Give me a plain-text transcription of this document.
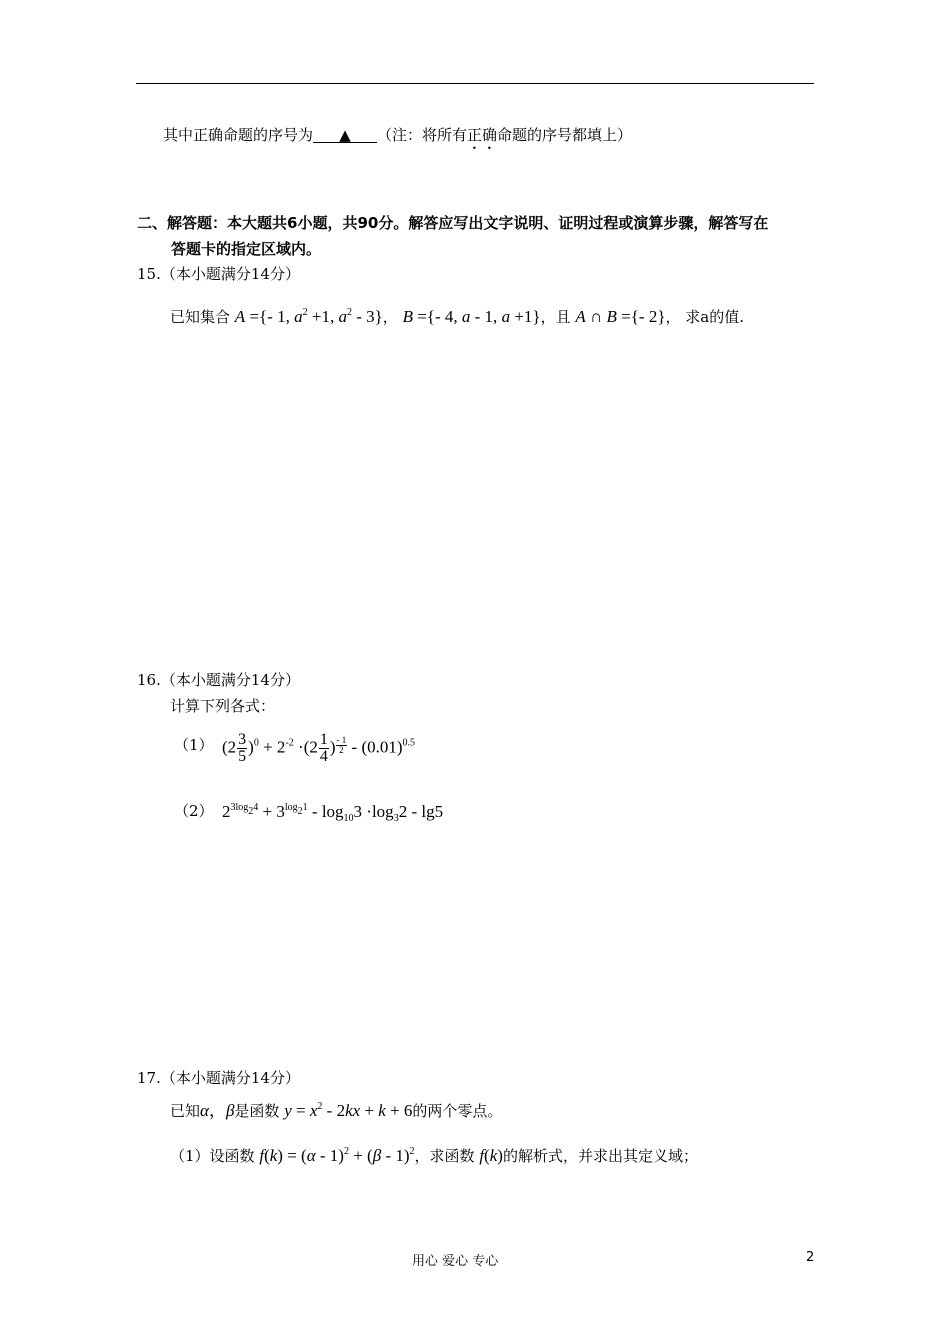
其中正确命题的序号为 ▲ （注：将所有正确命题的序号都填上）
二、解答题：本大题共6小题，共90分。解答应写出文字说明、证明过程或演算步骤，解答写在
答题卡的指定区域内。
15.（本小题满分14分）
已知集合 A ={- 1, $a^2 +1$, $a^2 - 3$}， B ={- 4, a - 1, a +1}，且 A ∩ B ={- 2}， 求a的值.
16.（本小题满分14分）
计算下列各式：
（1） $(2 \frac{3}{5} )^0 + 2^{-2} \cdot(2 \frac{1}{4}$ ) $\frac{- 1}{2} - (0.01)^{0.5}$
（2） $2^{3log_24} + 3^{log_21} - \log_{10}3 \cdot\log_32 - \lg 5$
17.（本小题满分14分）
已知α，β是函数 $y = x^2 - 2kx + k + 6$的两个零点。
（1）设函数 f(k) = (α - 1)$^2$ + (β - 1)$^2$，求函数 f(k)的解析式，并求出其定义域；
用心 爱心 专心	2
